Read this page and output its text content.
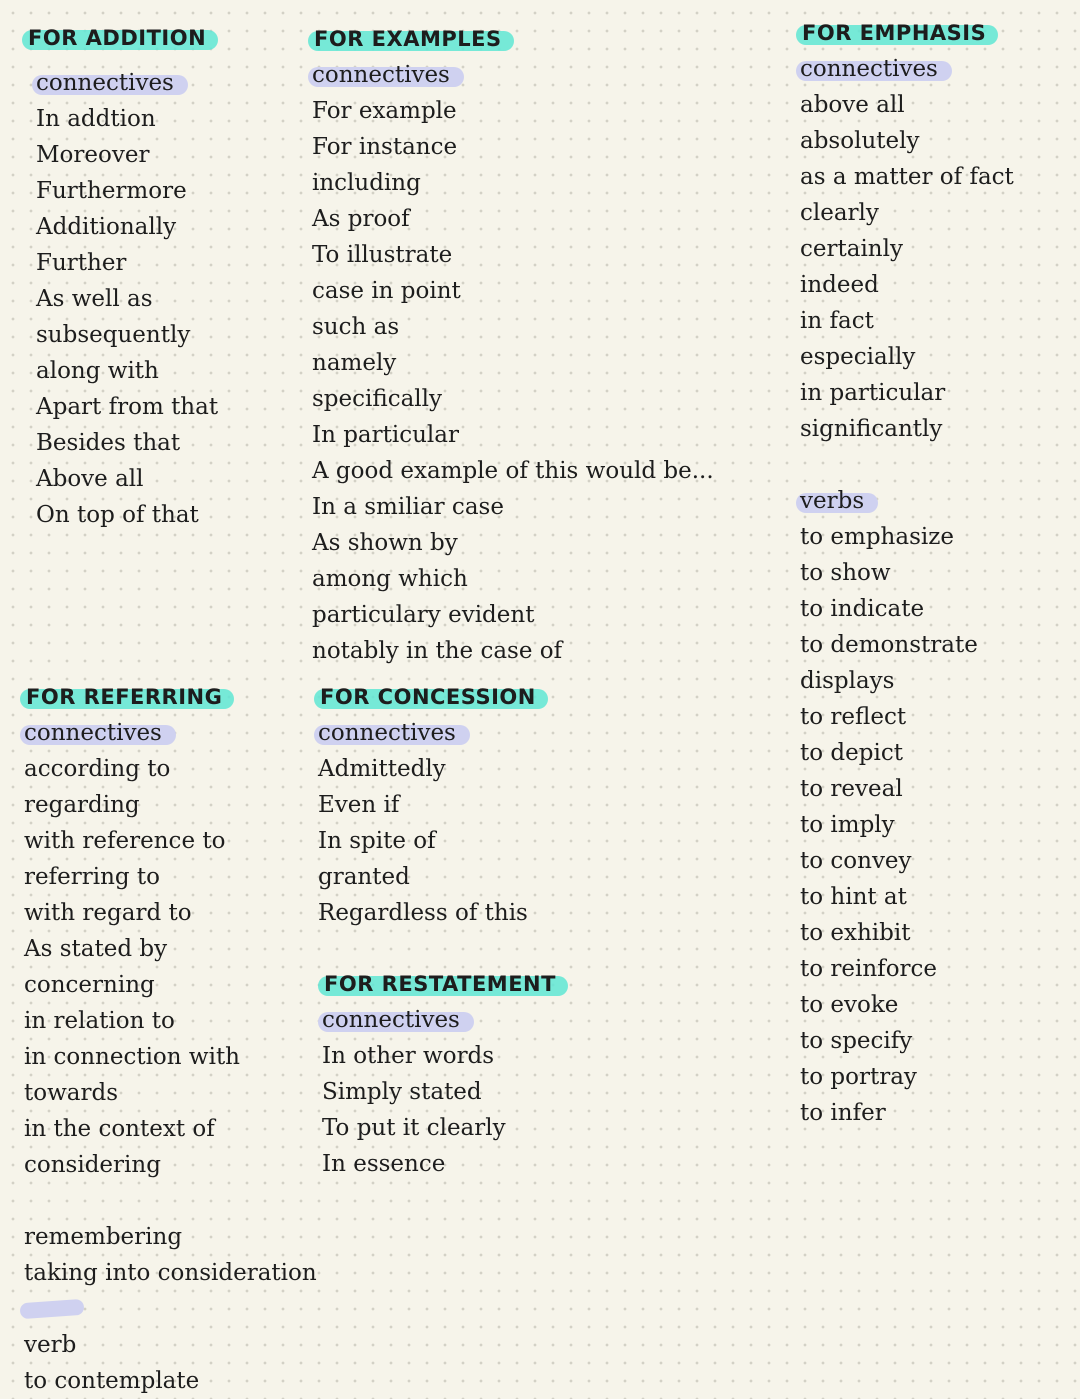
FOR ADDITION
connectives
In addtion
Moreover
Furthermore
Additionally
Further
As well as
subsequently
along with
Apart from that
Besides that
Above all
On top of that
FOR EXAMPLES
connectives
For example
For instance
including
As proof
To illustrate
case in point
such as
namely
specifically
In particular
A good example of this would be...
In a smiliar case
As shown by
among which
particulary evident
notably in the case of
FOR EMPHASIS
connectives
above all
absolutely
as a matter of fact
clearly
certainly
indeed
in fact
especially
in particular
significantly
verbs
to emphasize
to show
to indicate
to demonstrate
displays
to reflect
to depict
to reveal
to imply
to convey
to hint at
to exhibit
to reinforce
to evoke
to specify
to portray
to infer
FOR REFERRING
connectives
according to
regarding
with reference to
referring to
with regard to
As stated by
concerning
in relation to
in connection with
towards
in the context of
considering
remembering
taking into consideration
verb
to contemplate
FOR CONCESSION
connectives
Admittedly
Even if
In spite of
granted
Regardless of this
FOR RESTATEMENT
connectives
In other words
Simply stated
To put it clearly
In essence
